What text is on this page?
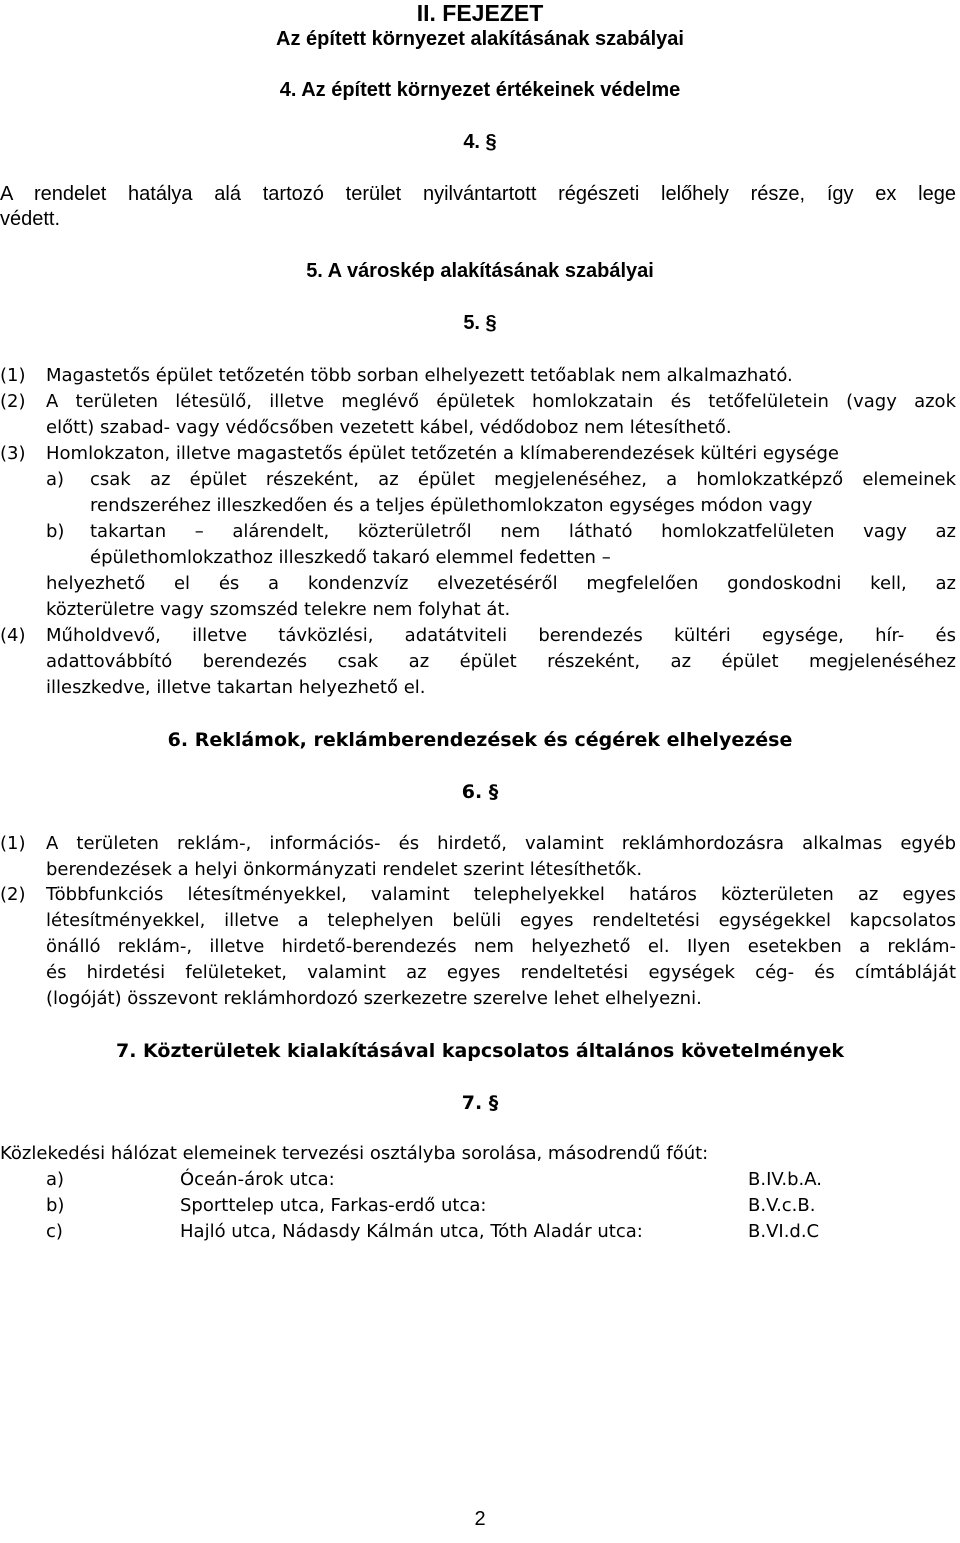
II. FEJEZET
Az épített környezet alakításának szabályai
4. Az épített környezet értékeinek védelme
4. §
A rendelet hatálya alá tartozó terület nyilvántartott régészeti lelőhely része, így ex lege
védett.
5. A városkép alakításának szabályai
5. §
(1) Magastetős épület tetőzetén több sorban elhelyezett tetőablak nem alkalmazható.
(2) A területen létesülő, illetve meglévő épületek homlokzatain és tetőfelületein (vagy azok
előtt) szabad- vagy védőcsőben vezetett kábel, védődoboz nem létesíthető.
(3) Homlokzaton, illetve magastetős épület tetőzetén a klímaberendezések kültéri egysége
a) csak az épület részeként, az épület megjelenéséhez, a homlokzatképző elemeinek
rendszeréhez illeszkedően és a teljes épülethomlokzaton egységes módon vagy
b) takartan – alárendelt, közterületről nem látható homlokzatfelületen vagy az
épülethomlokzathoz illeszkedő takaró elemmel fedetten –
helyezhető el és a kondenzvíz elvezetéséről megfelelően gondoskodni kell, az
közterületre vagy szomszéd telekre nem folyhat át.
(4) Műholdvevő, illetve távközlési, adatátviteli berendezés kültéri egysége, hír- és
adattovábbító berendezés csak az épület részeként, az épület megjelenéséhez
illeszkedve, illetve takartan helyezhető el.
6. Reklámok, reklámberendezések és cégérek elhelyezése
6. §
(1) A területen reklám-, információs- és hirdető, valamint reklámhordozásra alkalmas egyéb
berendezések a helyi önkormányzati rendelet szerint létesíthetők.
(2) Többfunkciós létesítményekkel, valamint telephelyekkel határos közterületen az egyes
létesítményekkel, illetve a telephelyen belüli egyes rendeltetési egységekkel kapcsolatos
önálló reklám-, illetve hirdető-berendezés nem helyezhető el. Ilyen esetekben a reklám-
és hirdetési felületeket, valamint az egyes rendeltetési egységek cég- és címtábláját
(logóját) összevont reklámhordozó szerkezetre szerelve lehet elhelyezni.
7. Közterületek kialakításával kapcsolatos általános követelmények
7. §
Közlekedési hálózat elemeinek tervezési osztályba sorolása, másodrendű főút:
a)	Óceán-árok utca:	B.IV.b.A.
b)	Sporttelep utca, Farkas-erdő utca:	B.V.c.B.
c)	Hajló utca, Nádasdy Kálmán utca, Tóth Aladár utca:	B.VI.d.C
2
